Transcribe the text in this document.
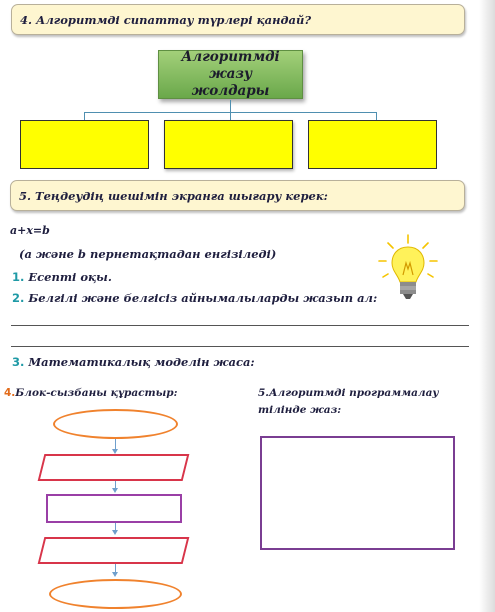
4. Алгоритмді сипаттау түрлері қандай?
Алгоритмді жазу
жолдары
5. Теңдеудің шешімін экранға шығару керек:
a+x=b
(a және b пернетақтадан енгізіледі)
1. Есепті оқы.
2. Белгілі және белгісіз айнымалыларды жазып ал:
3. Математикалық моделін жаса:
4.Блок-сызбаны құрастыр:	5.Алгоритмді программалау
тілінде жаз:
